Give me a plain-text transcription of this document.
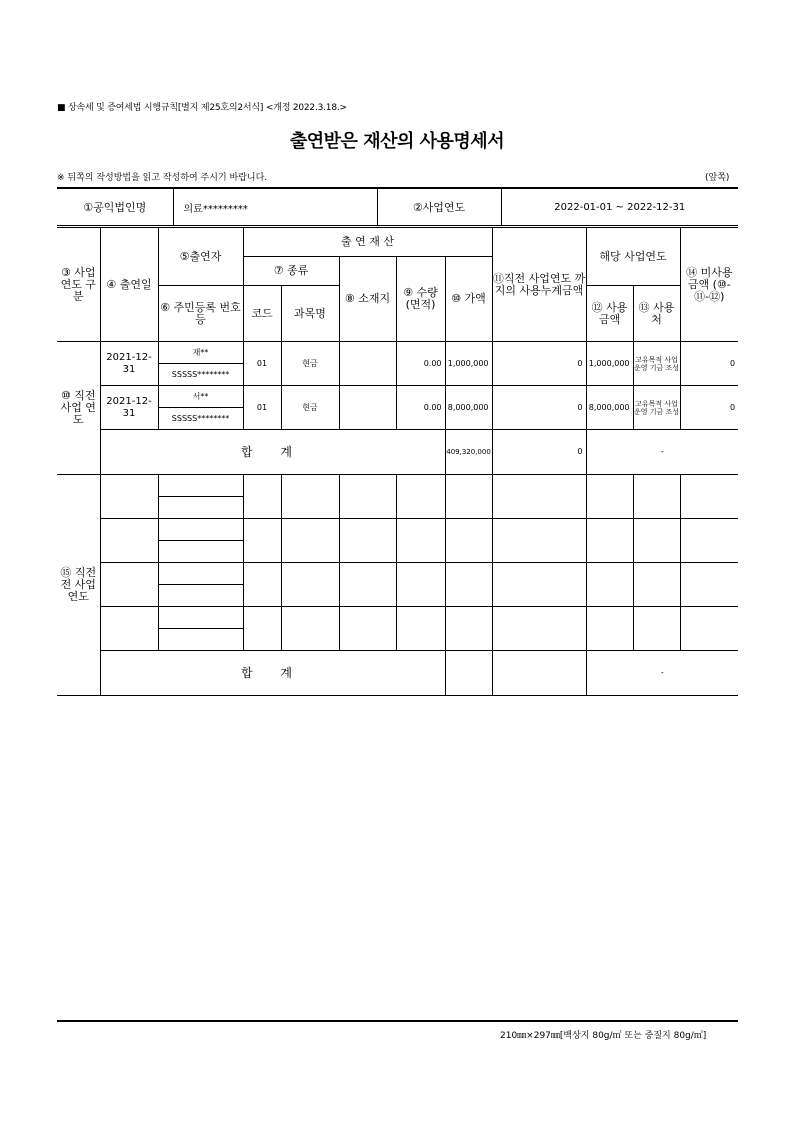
■ 상속세 및 증여세법 시행규칙[별지 제25호의2서식] <개정 2022.3.18.>
출연받은 재산의 사용명세서
※ 뒤쪽의 작성방법을 읽고 작성하여 주시기 바랍니다.	(앞쪽)
①공익법인명	의료*********	②사업연도	2022-01-01 ~ 2022-12-31
③ 사업 연도 구분	④ 출연일	⑤출연자	출 연 재 산					⑪직전 사업연도 까지의 사용누계금액	해당 사업연도		⑭ 미사용 금액 (⑩-⑪-⑫)
			⑦ 종류		⑧ 소재지	⑨ 수량 (면적)	⑩ 가액				
		⑥ 주민등록 번호 등	코드	과목명					⑫ 사용 금액	⑬ 사용처	
⑩ 직전 사업 연도	2021-12-31	재**	01	현금		0.00	1,000,000	0	1,000,000	고유목적 사업 운영 기금 조성	0
		SSSSS********									
	2021-12-31	서**	01	현금		0.00	8,000,000	0	8,000,000	고유목적 사업 운영 기금 조성	0
		SSSSS********									
	합 계						409,320,000	0	-		
⑮ 직전전 사업 연도											

	합 계								-		
210㎜×297㎜[백상지 80g/㎡ 또는 중질지 80g/㎡]
